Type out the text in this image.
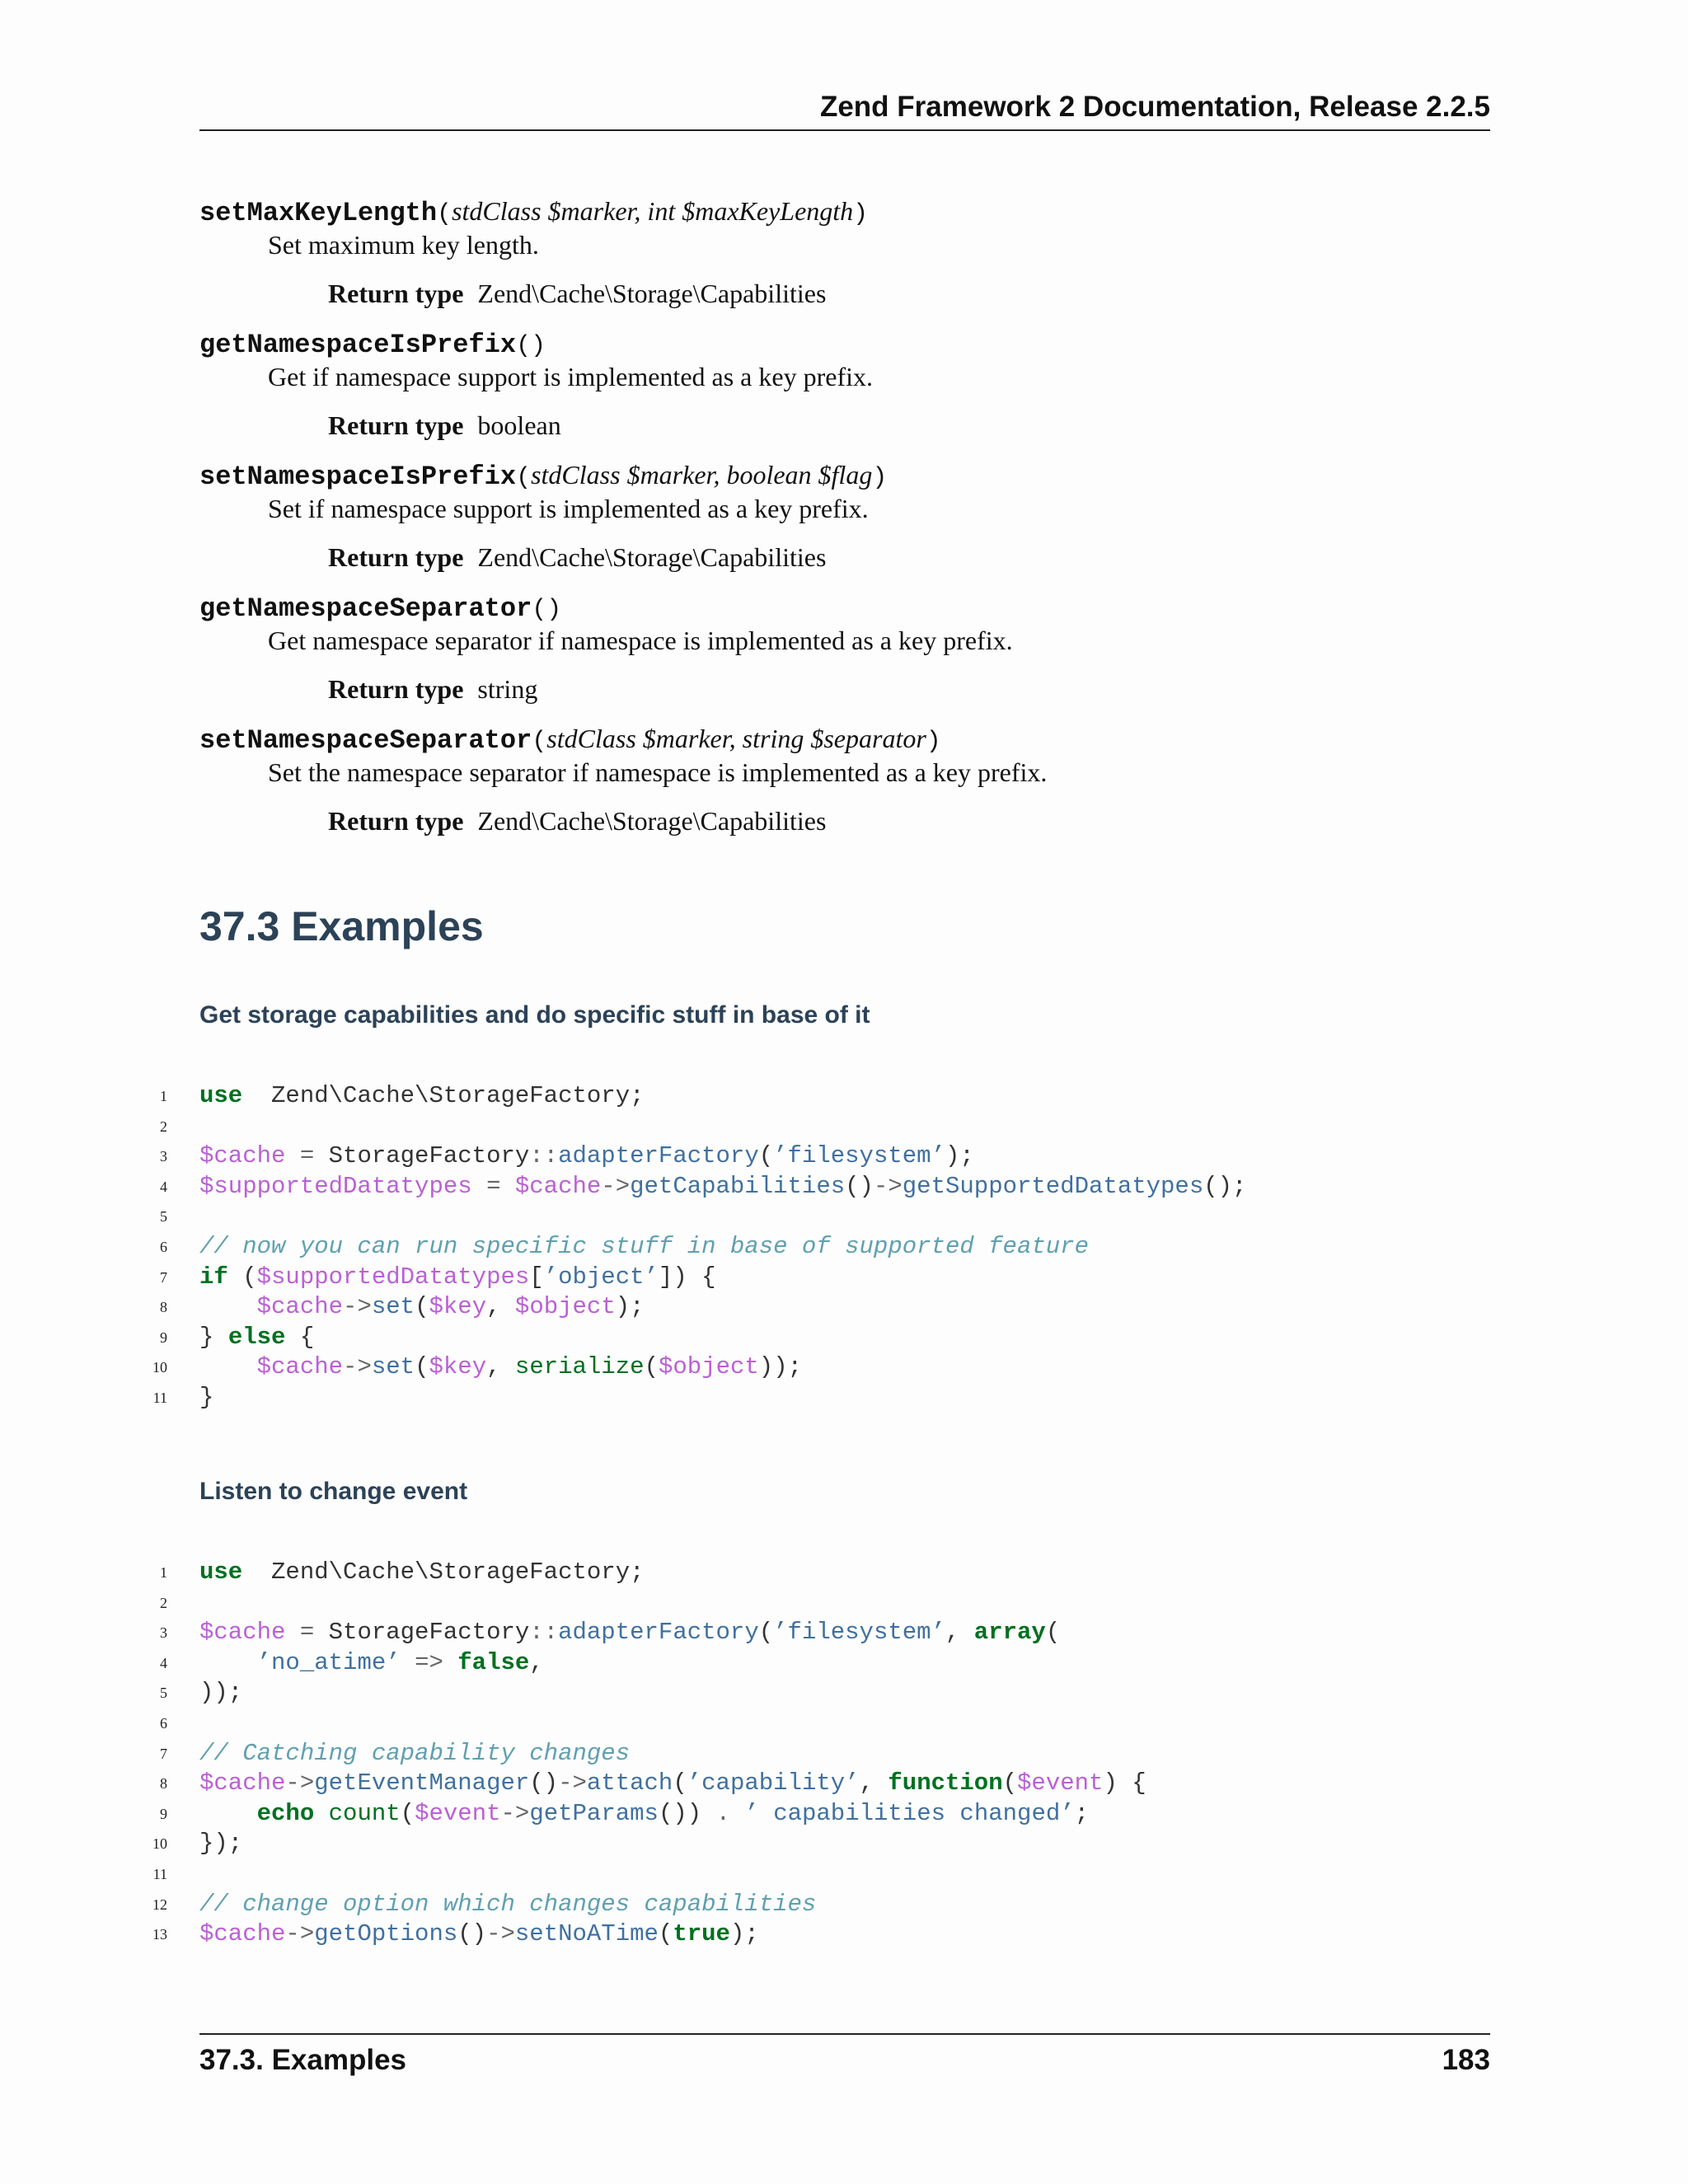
Zend Framework 2 Documentation, Release 2.2.5
setMaxKeyLength(stdClass $marker, int $maxKeyLength)
Set maximum key length.
Return type Zend\Cache\Storage\Capabilities
getNamespaceIsPrefix()
Get if namespace support is implemented as a key prefix.
Return type boolean
setNamespaceIsPrefix(stdClass $marker, boolean $flag)
Set if namespace support is implemented as a key prefix.
Return type Zend\Cache\Storage\Capabilities
getNamespaceSeparator()
Get namespace separator if namespace is implemented as a key prefix.
Return type string
setNamespaceSeparator(stdClass $marker, string $separator)
Set the namespace separator if namespace is implemented as a key prefix.
Return type Zend\Cache\Storage\Capabilities
37.3 Examples
Get storage capabilities and do specific stuff in base of it
1 use  Zend\Cache\StorageFactory;
2
3 $cache = StorageFactory::adapterFactory(’filesystem’);
4 $supportedDatatypes = $cache->getCapabilities()->getSupportedDatatypes();
5
6 // now you can run specific stuff in base of supported feature
7 if ($supportedDatatypes[’object’]) {
8	$cache->set($key, $object);
9 } else {
10	$cache->set($key, serialize($object));
11 }
Listen to change event
1 use  Zend\Cache\StorageFactory;
2
3 $cache = StorageFactory::adapterFactory(’filesystem’, array(
4	’no_atime’ => false,
5 ));
6
7 // Catching capability changes
8 $cache->getEventManager()->attach(’capability’, function($event) {
9	echo count($event->getParams()) . ’ capabilities changed’;
10 });
11
12 // change option which changes capabilities
13 $cache->getOptions()->setNoATime(true);
37.3. Examples	183
